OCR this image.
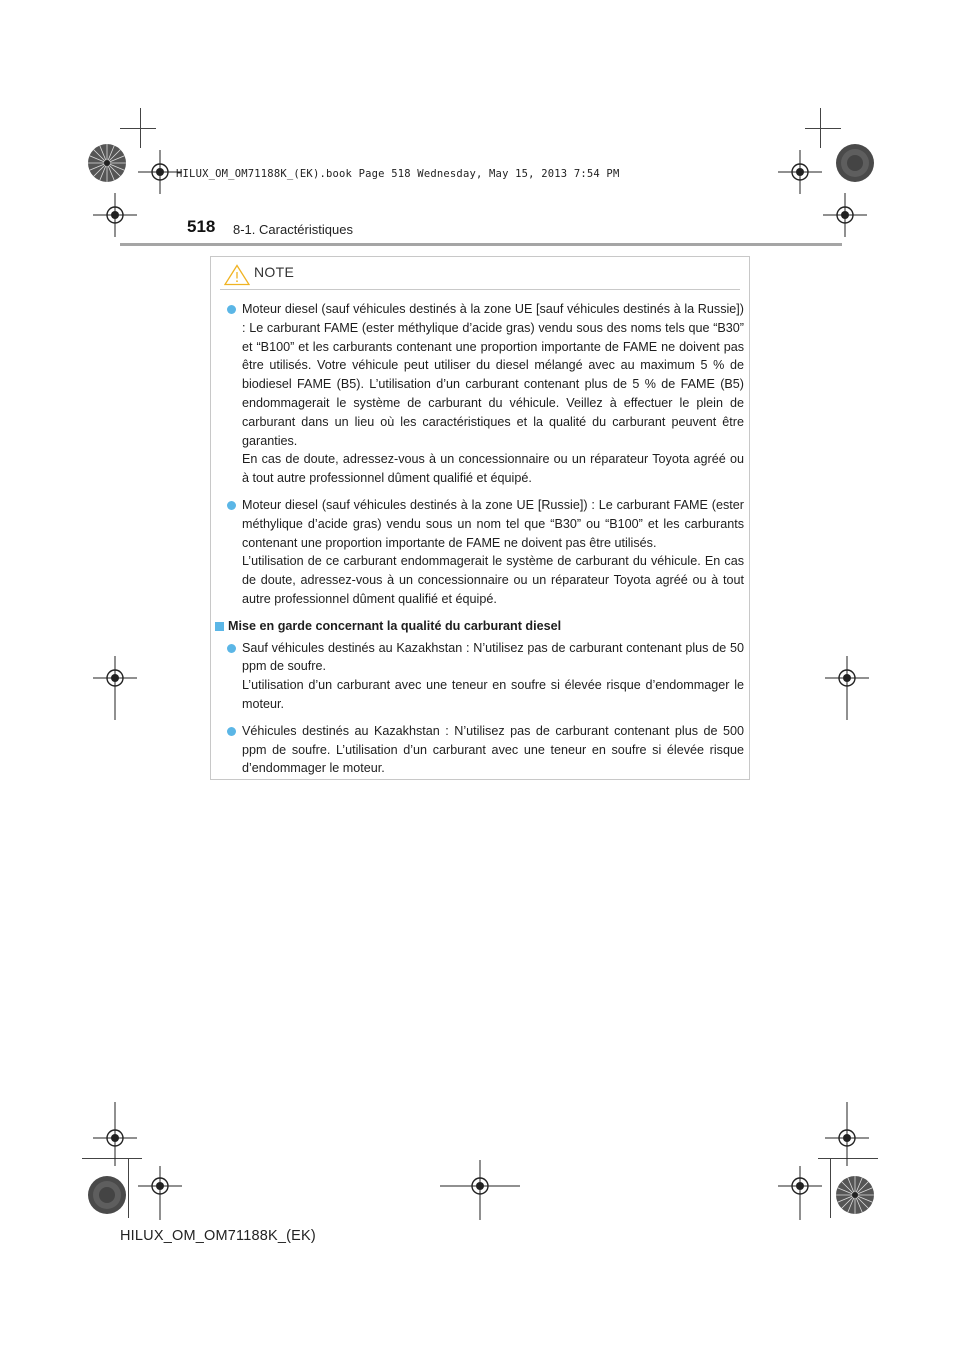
HILUX_OM_OM71188K_(EK).book Page 518 Wednesday, May 15, 2013 7:54 PM
518 8-1. Caractéristiques
NOTE

Moteur diesel (sauf véhicules destinés à la zone UE [sauf véhicules destinés à la Russie]) : Le carburant FAME (ester méthylique d’acide gras) vendu sous des noms tels que “B30” et “B100” et les carburants contenant une proportion importante de FAME ne doivent pas être utilisés. Votre véhicule peut utiliser du diesel mélangé avec au maximum 5 % de biodiesel FAME (B5). L’utilisation d’un carburant contenant plus de 5 % de FAME (B5) endommagerait le système de carburant du véhicule. Veillez à effectuer le plein de carburant dans un lieu où les caractéristiques et la qualité du carburant peuvent être garanties.

En cas de doute, adressez-vous à un concessionnaire ou un réparateur Toyota agréé ou à tout autre professionnel dûment qualifié et équipé.

Moteur diesel (sauf véhicules destinés à la zone UE [Russie]) : Le carburant FAME (ester méthylique d’acide gras) vendu sous un nom tel que “B30” ou “B100” et les carburants contenant une proportion importante de FAME ne doivent pas être utilisés.

L’utilisation de ce carburant endommagerait le système de carburant du véhicule. En cas de doute, adressez-vous à un concessionnaire ou un réparateur Toyota agréé ou à tout autre professionnel dûment qualifié et équipé.

Mise en garde concernant la qualité du carburant diesel

Sauf véhicules destinés au Kazakhstan : N’utilisez pas de carburant contenant plus de 50 ppm de soufre.

L’utilisation d’un carburant avec une teneur en soufre si élevée risque d’endommager le moteur.

Véhicules destinés au Kazakhstan : N’utilisez pas de carburant contenant plus de 500 ppm de soufre. L’utilisation d’un carburant avec une teneur en soufre si élevée risque d’endommager le moteur.

HILUX_OM_OM71188K_(EK)
